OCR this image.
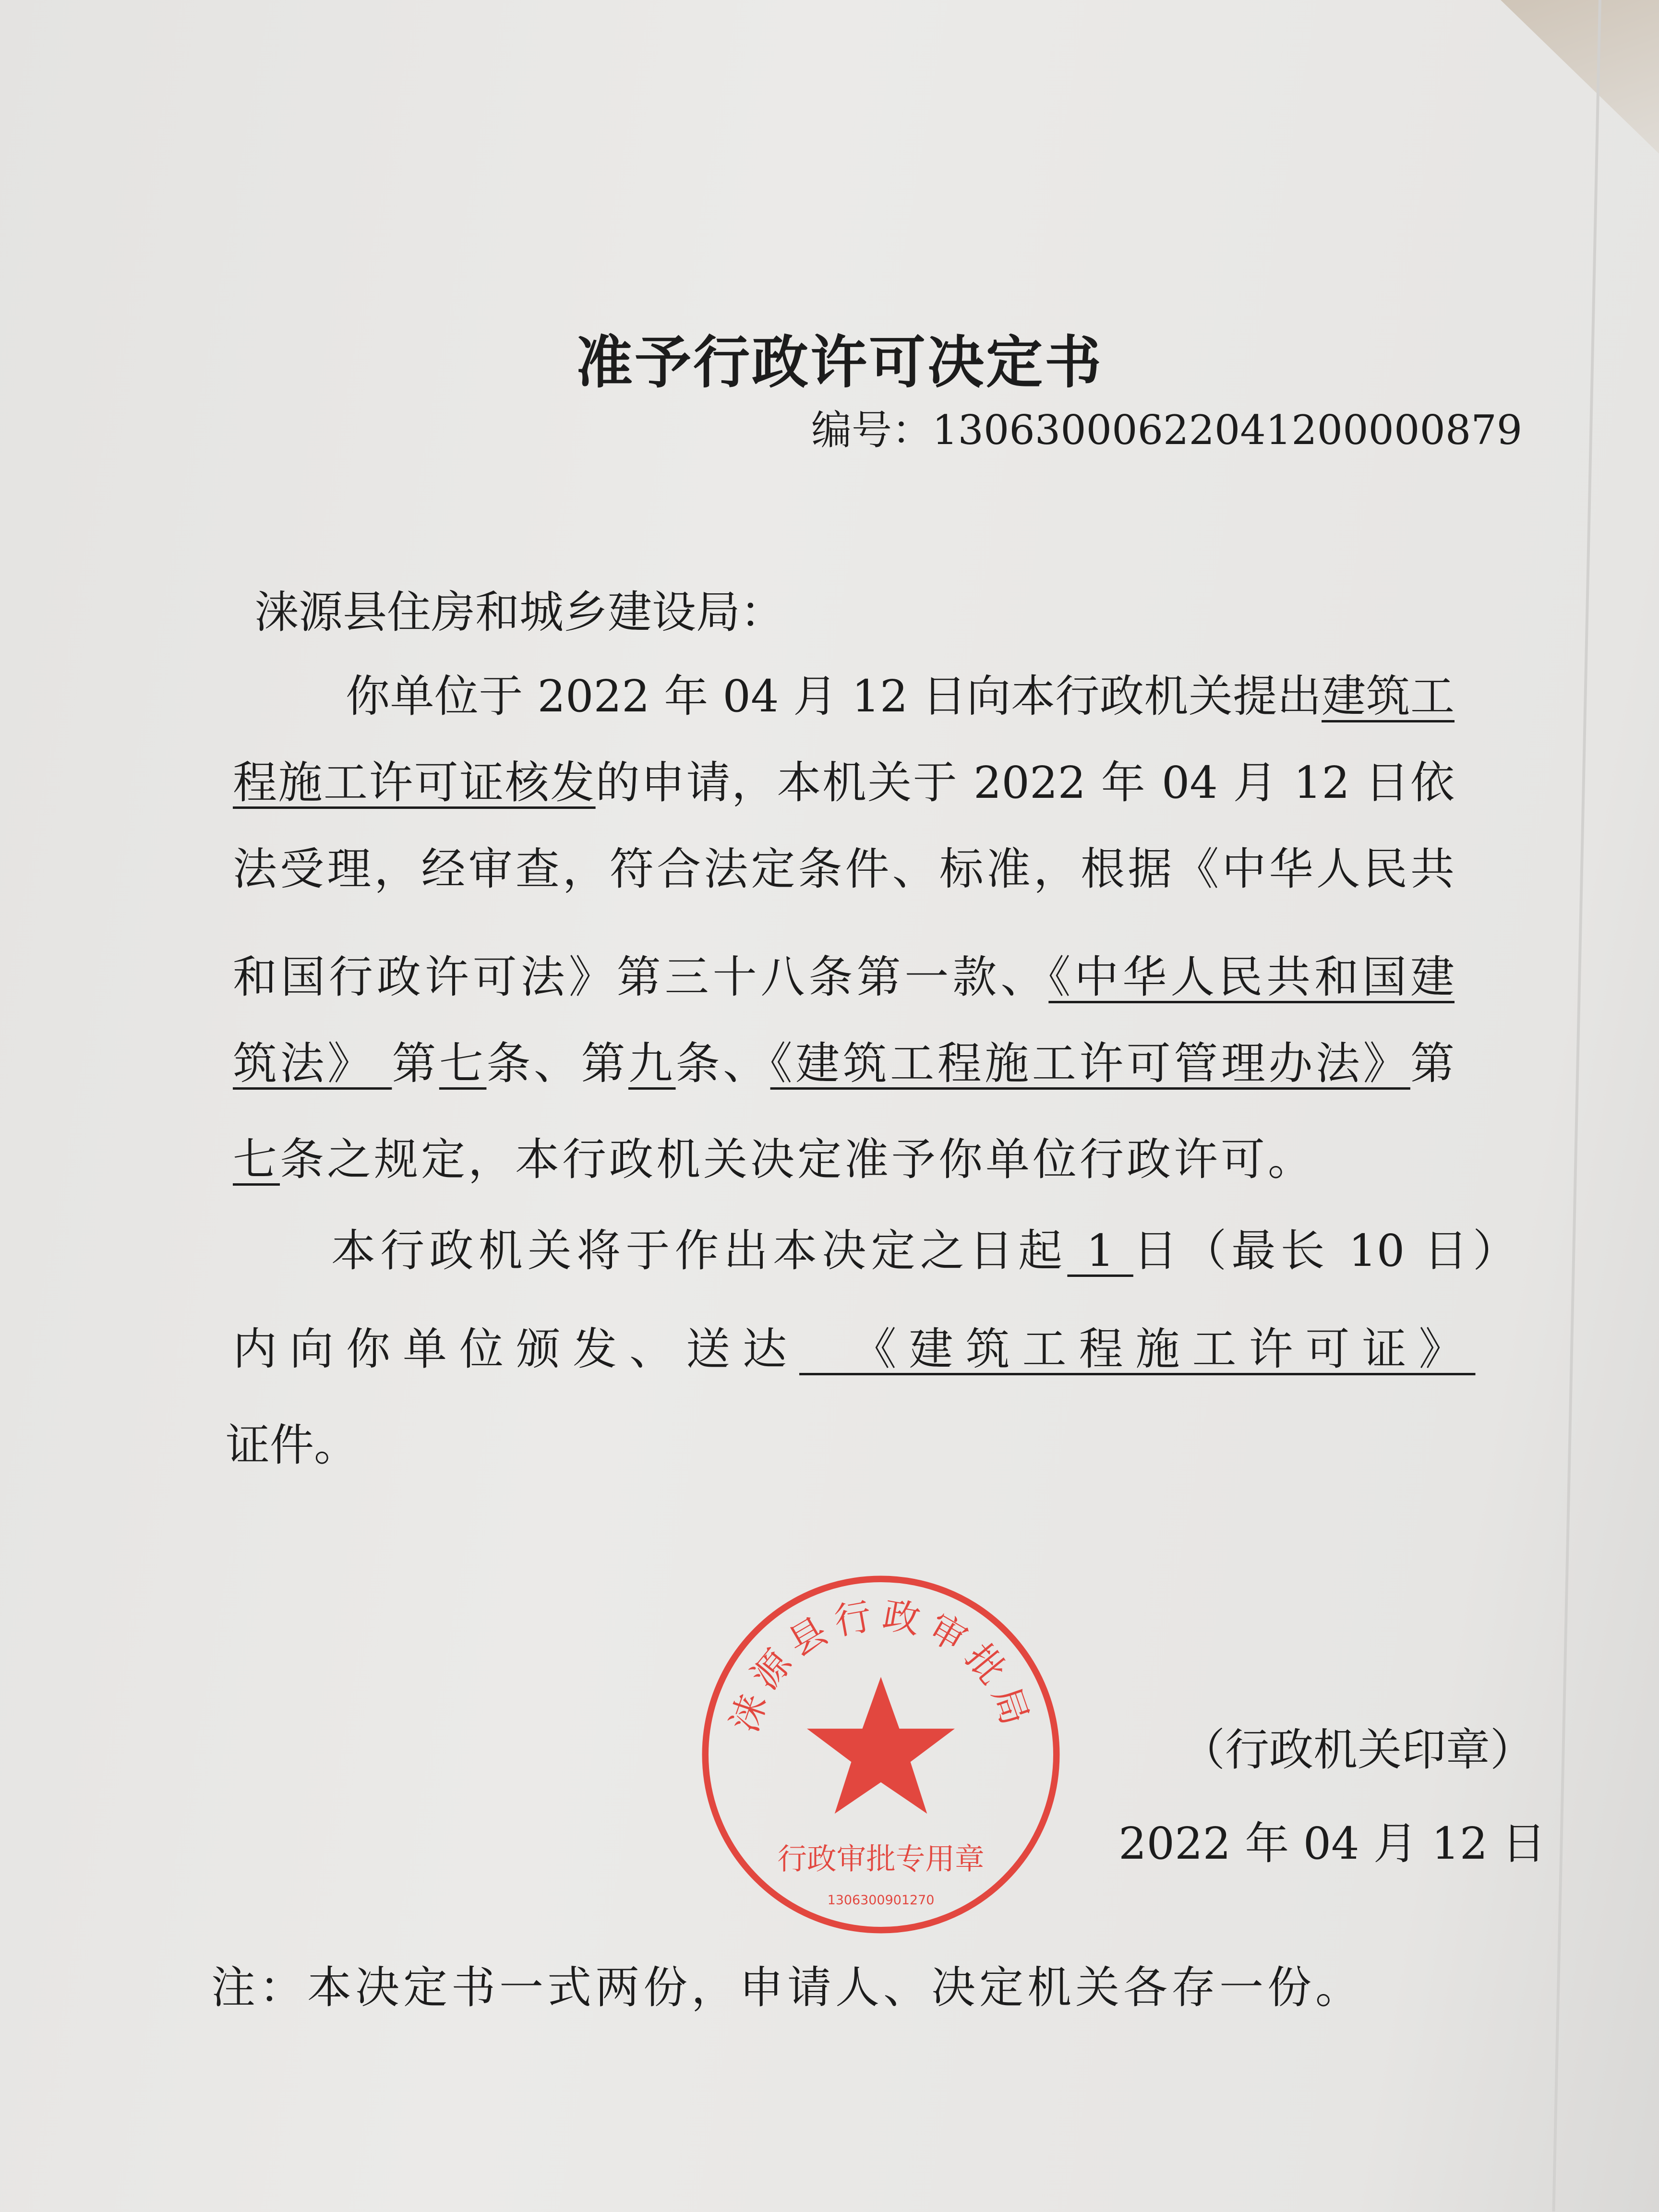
准予行政许可决定书
编号：13063000622041200000879
涞源县住房和城乡建设局：
你单位于 2022 年 04 月 12 日向本行政机关提出建筑工
程施工许可证核发的申请，本机关于 2022 年 04 月 12 日依
法受理，经审查，符合法定条件、标准，根据《中华人民共
和国行政许可法》第三十八条第一款、《中华人民共和国建
筑法》 第七条、第九条、《建筑工程施工许可管理办法》第
七条之规定，本行政机关决定准予你单位行政许可。
本行政机关将于作出本决定之日起 1 日（最长 10 日）
内向你单位颁发、送达  《建筑工程施工许可证》
证件。
（行政机关印章）
2022 年 04 月 12 日
注：本决定书一式两份，申请人、决定机关各存一份。
涞源县行政审批局
行政审批专用章
1306300901270
